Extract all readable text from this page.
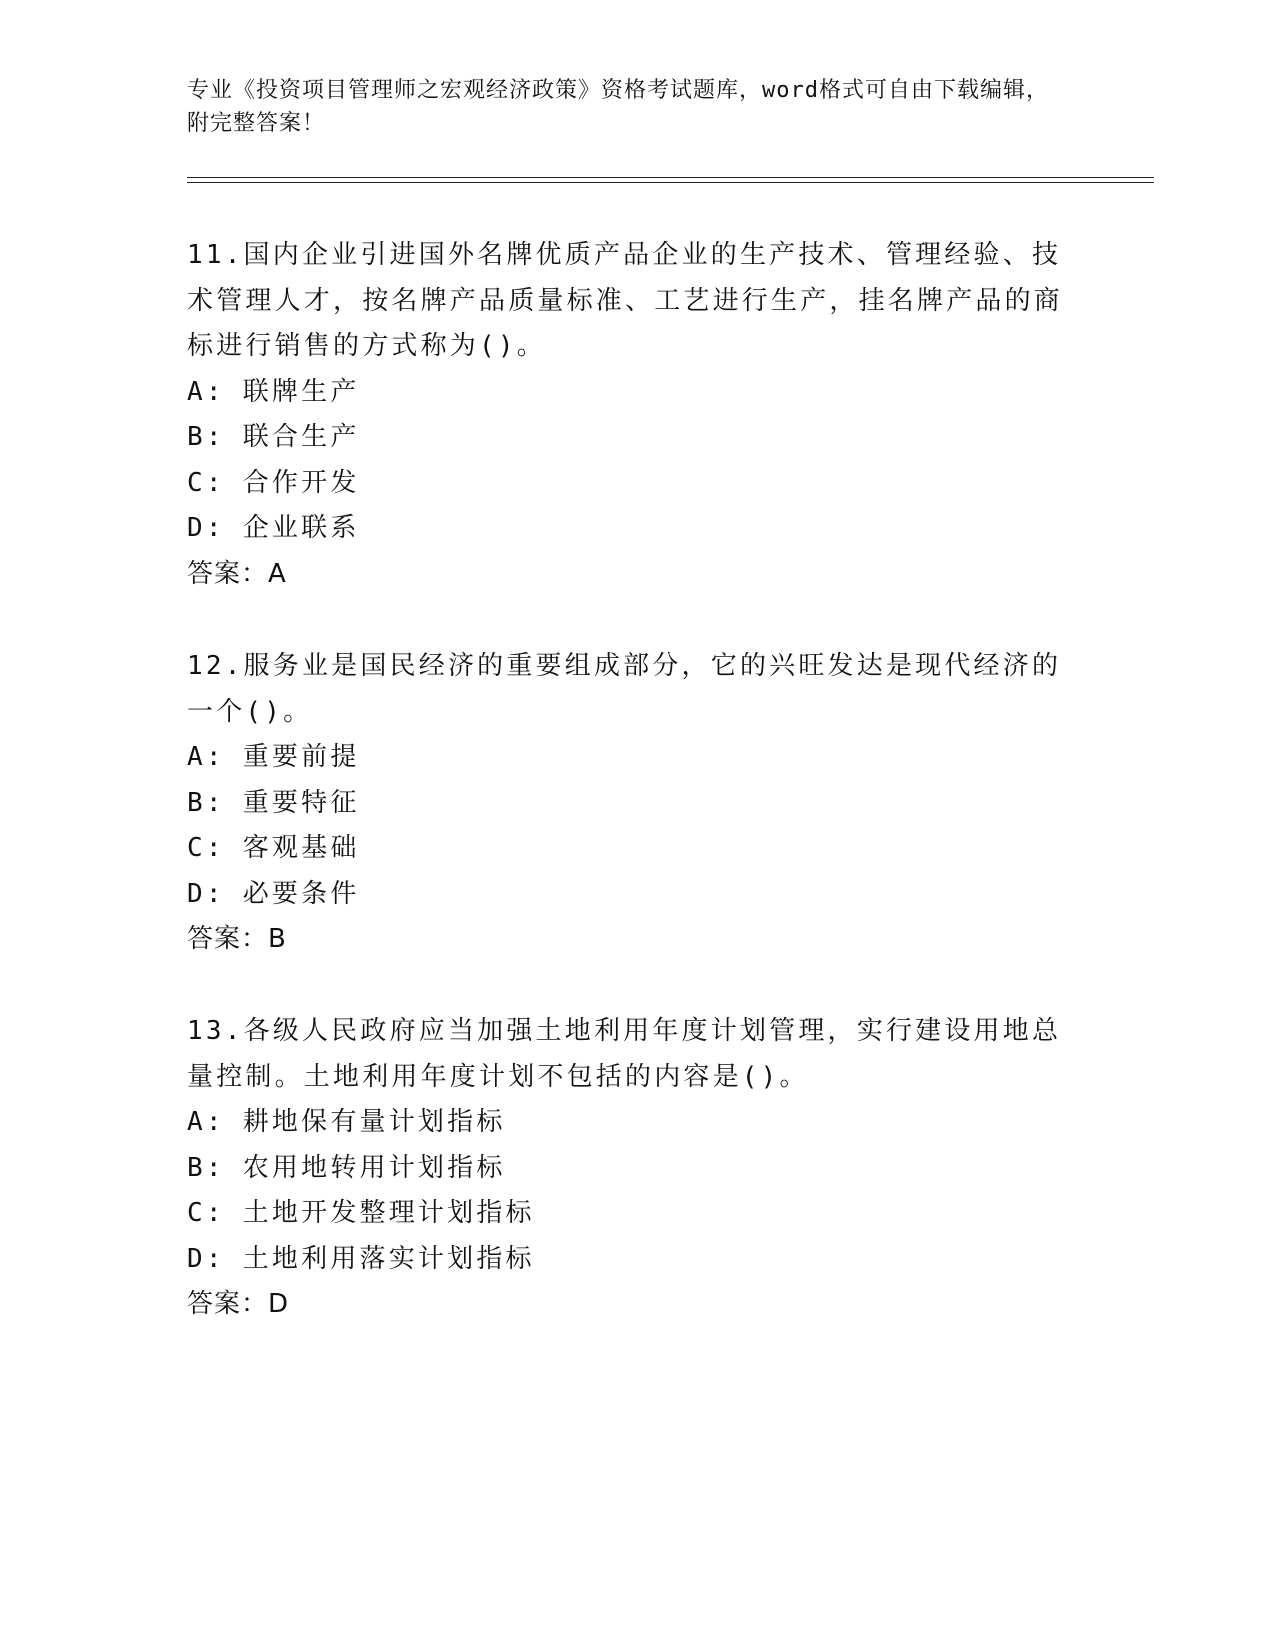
专业《投资项目管理师之宏观经济政策》资格考试题库，word格式可自由下载编辑，附完整答案！

11.国内企业引进国外名牌优质产品企业的生产技术、管理经验、技术管理人才，按名牌产品质量标准、工艺进行生产，挂名牌产品的商标进行销售的方式称为()。

A: 联牌生产

B: 联合生产

C: 合作开发

D: 企业联系

答案：A

12.服务业是国民经济的重要组成部分，它的兴旺发达是现代经济的一个()。

A: 重要前提

B: 重要特征

C: 客观基础

D: 必要条件

答案：B

13.各级人民政府应当加强土地利用年度计划管理，实行建设用地总量控制。土地利用年度计划不包括的内容是()。

A: 耕地保有量计划指标

B: 农用地转用计划指标

C: 土地开发整理计划指标

D: 土地利用落实计划指标

答案：D
